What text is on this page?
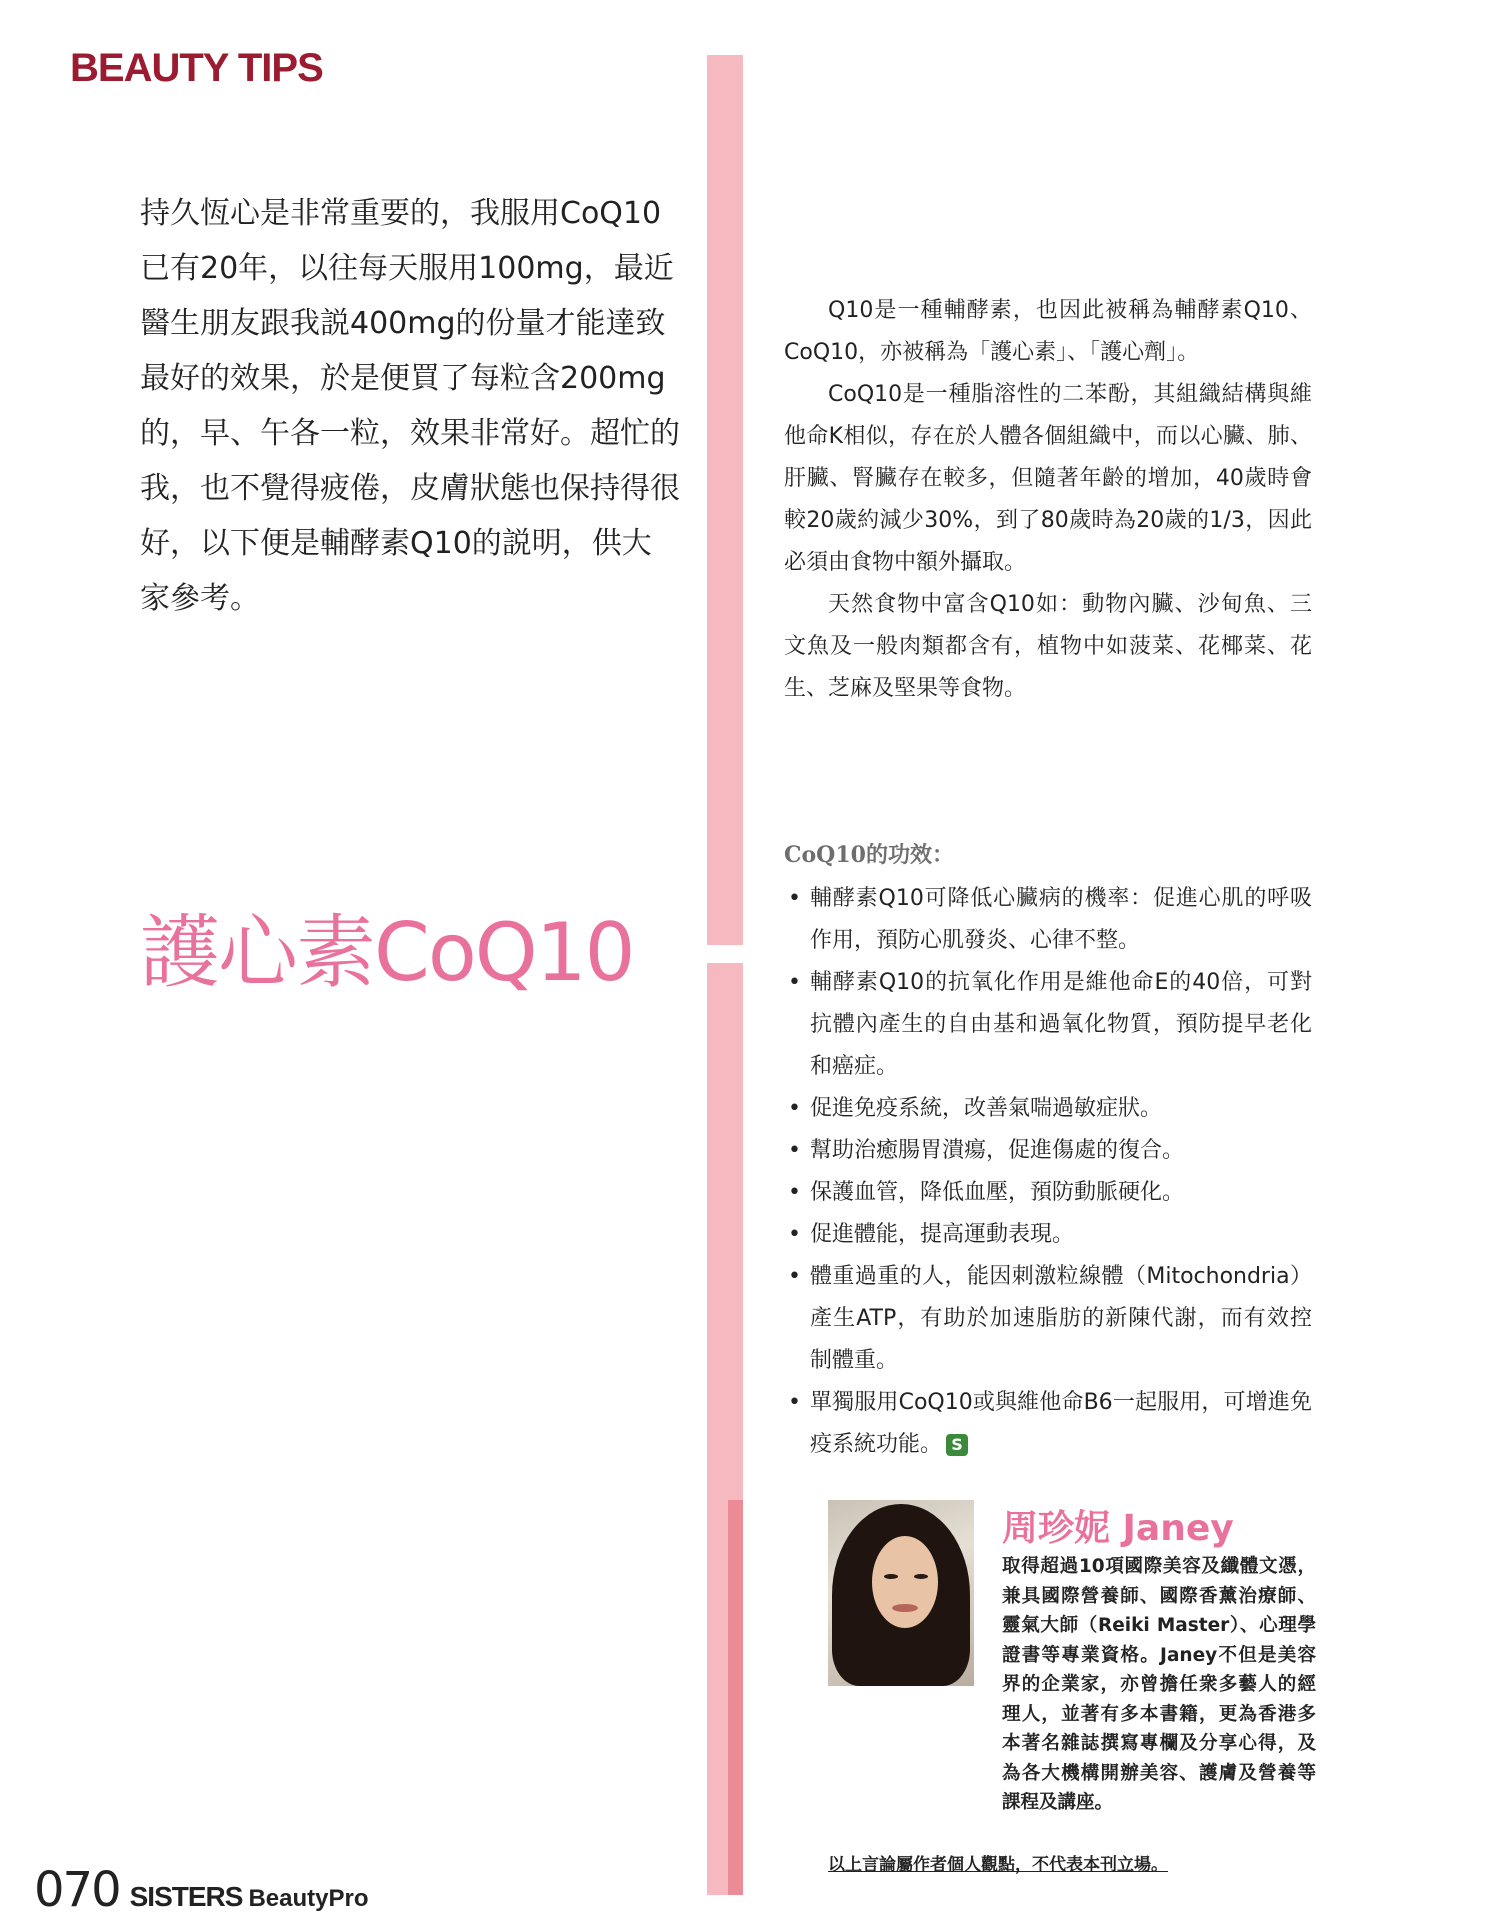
BEAUTY TIPS

持久恆心是非常重要的，我服用CoQ10已有20年，以往每天服用100mg，最近醫生朋友跟我説400mg的份量才能達致最好的效果，於是便買了每粒含200mg的，早、午各一粒，效果非常好。超忙的我，也不覺得疲倦，皮膚狀態也保持得很好，以下便是輔酵素Q10的説明，供大家參考。

護心素CoQ10

Q10是一種輔酵素，也因此被稱為輔酵素Q10、CoQ10，亦被稱為「護心素」、「護心劑」。

CoQ10是一種脂溶性的二苯酚，其組織結構與維他命K相似，存在於人體各個組織中，而以心臟、肺、肝臟、腎臟存在較多，但隨著年齡的增加，40歲時會較20歲約減少30%，到了80歲時為20歲的1/3，因此必須由食物中額外攝取。

天然食物中富含Q10如：動物內臟、沙甸魚、三文魚及一般肉類都含有，植物中如菠菜、花椰菜、花生、芝麻及堅果等食物。

CoQ10的功效：
• 輔酵素Q10可降低心臟病的機率：促進心肌的呼吸作用，預防心肌發炎、心律不整。
• 輔酵素Q10的抗氧化作用是維他命E的40倍，可對抗體內產生的自由基和過氧化物質，預防提早老化和癌症。
• 促進免疫系統，改善氣喘過敏症狀。
• 幫助治癒腸胃潰瘍，促進傷處的復合。
• 保護血管，降低血壓，預防動脈硬化。
• 促進體能，提高運動表現。
• 體重過重的人，能因刺激粒線體（Mitochondria）產生ATP，有助於加速脂肪的新陳代謝，而有效控制體重。
• 單獨服用CoQ10或與維他命B6一起服用，可增進免疫系統功能。 S
周珍妮 Janey

取得超過10項國際美容及纖體文憑，兼具國際營養師、國際香薰治療師、靈氣大師（Reiki Master）、心理學證書等專業資格。Janey不但是美容界的企業家，亦曾擔任衆多藝人的經理人，並著有多本書籍，更為香港多本著名雜誌撰寫專欄及分享心得，及為各大機構開辦美容、護膚及營養等課程及講座。

以上言論屬作者個人觀點，不代表本刊立場。
070 SISTERS BeautyPro
